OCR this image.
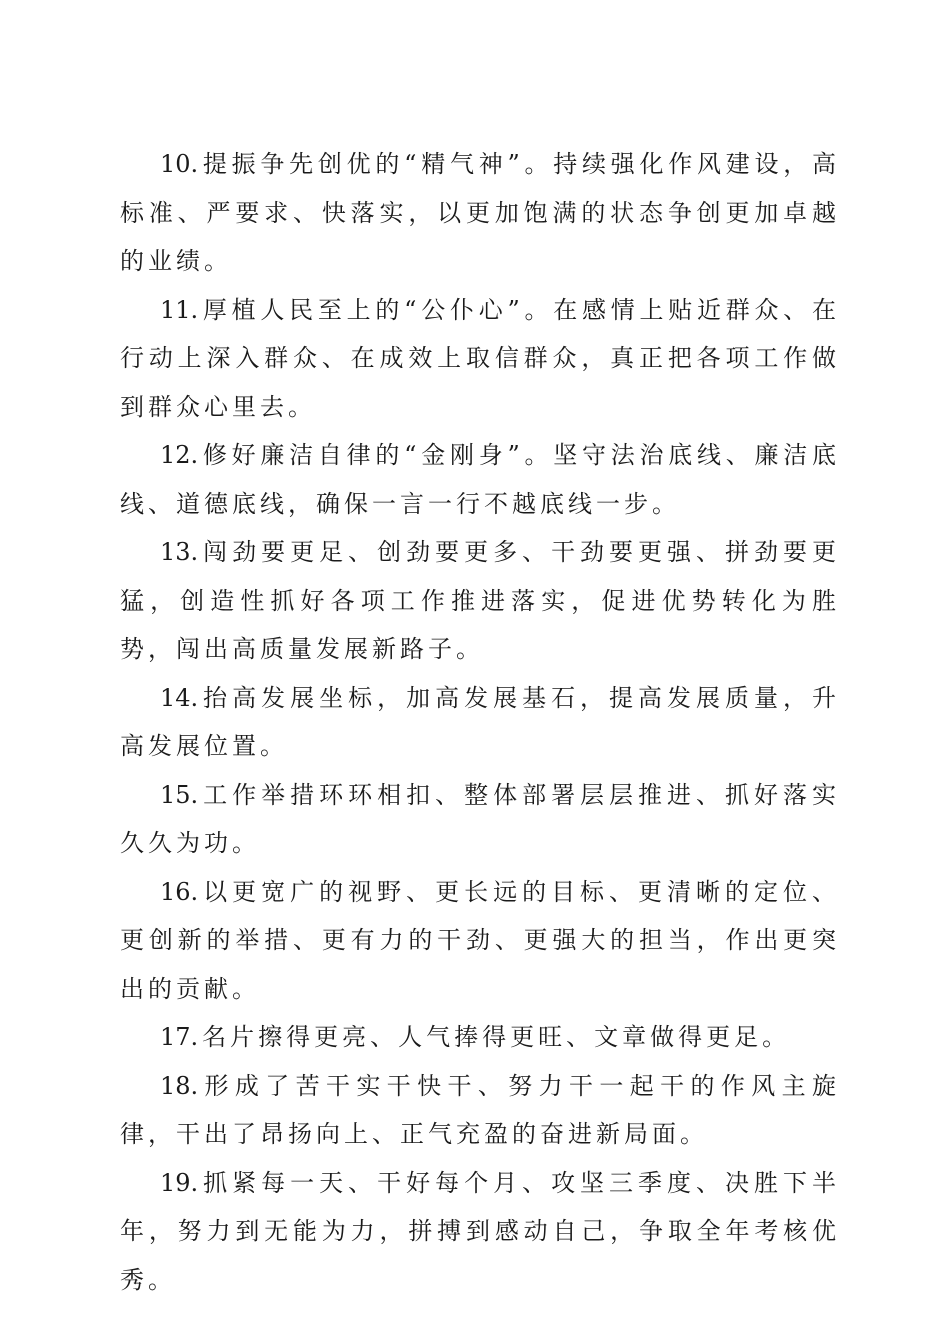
10. 提振争先创优的“精气神”。持续强化作风建设，高标准、严要求、快落实，以更加饱满的状态争创更加卓越的业绩。

11. 厚植人民至上的“公仆心”。在感情上贴近群众、在行动上深入群众、在成效上取信群众，真正把各项工作做到群众心里去。

12. 修好廉洁自律的“金刚身”。坚守法治底线、廉洁底线、道德底线，确保一言一行不越底线一步。

13. 闯劲要更足、创劲要更多、干劲要更强、拼劲要更猛，创造性抓好各项工作推进落实，促进优势转化为胜势，闯出高质量发展新路子。

14. 抬高发展坐标，加高发展基石，提高发展质量，升高发展位置。

15. 工作举措环环相扣、整体部署层层推进、抓好落实久久为功。

16. 以更宽广的视野、更长远的目标、更清晰的定位、更创新的举措、更有力的干劲、更强大的担当，作出更突出的贡献。

17. 名片擦得更亮、人气捧得更旺、文章做得更足。

18. 形成了苦干实干快干、努力干一起干的作风主旋律，干出了昂扬向上、正气充盈的奋进新局面。

19. 抓紧每一天、干好每个月、攻坚三季度、决胜下半年，努力到无能为力，拼搏到感动自己，争取全年考核优秀。
